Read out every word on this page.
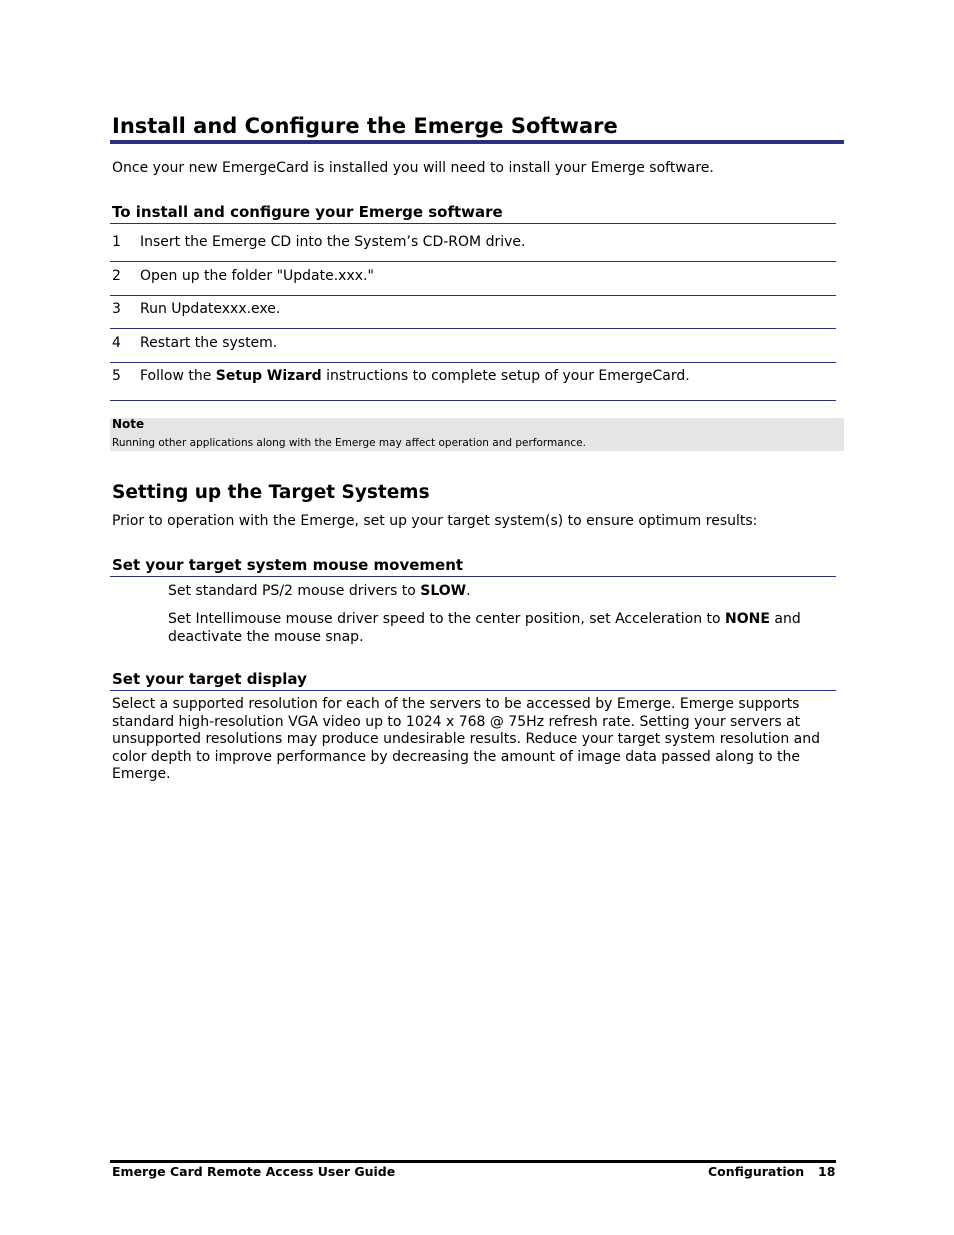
Install and Configure the Emerge Software
Once your new EmergeCard is installed you will need to install your Emerge software.
To install and configure your Emerge software
1	Insert the Emerge CD into the System’s CD-ROM drive.
2	Open up the folder "Update.xxx."
3	Run Updatexxx.exe.
4	Restart the system.
5	Follow the Setup Wizard instructions to complete setup of your EmergeCard.
Note
Running other applications along with the Emerge may affect operation and performance.
Setting up the Target Systems
Prior to operation with the Emerge, set up your target system(s) to ensure optimum results:
Set your target system mouse movement
Set standard PS/2 mouse drivers to SLOW.
Set Intellimouse mouse driver speed to the center position, set Acceleration to NONE and deactivate the mouse snap.
Set your target display
Select a supported resolution for each of the servers to be accessed by Emerge. Emerge supports standard high-resolution VGA video up to 1024 x 768 @ 75Hz refresh rate. Setting your servers at unsupported resolutions may produce undesirable results. Reduce your target system resolution and color depth to improve performance by decreasing the amount of image data passed along to the Emerge.
Emerge Card Remote Access User Guide	Configuration 18
